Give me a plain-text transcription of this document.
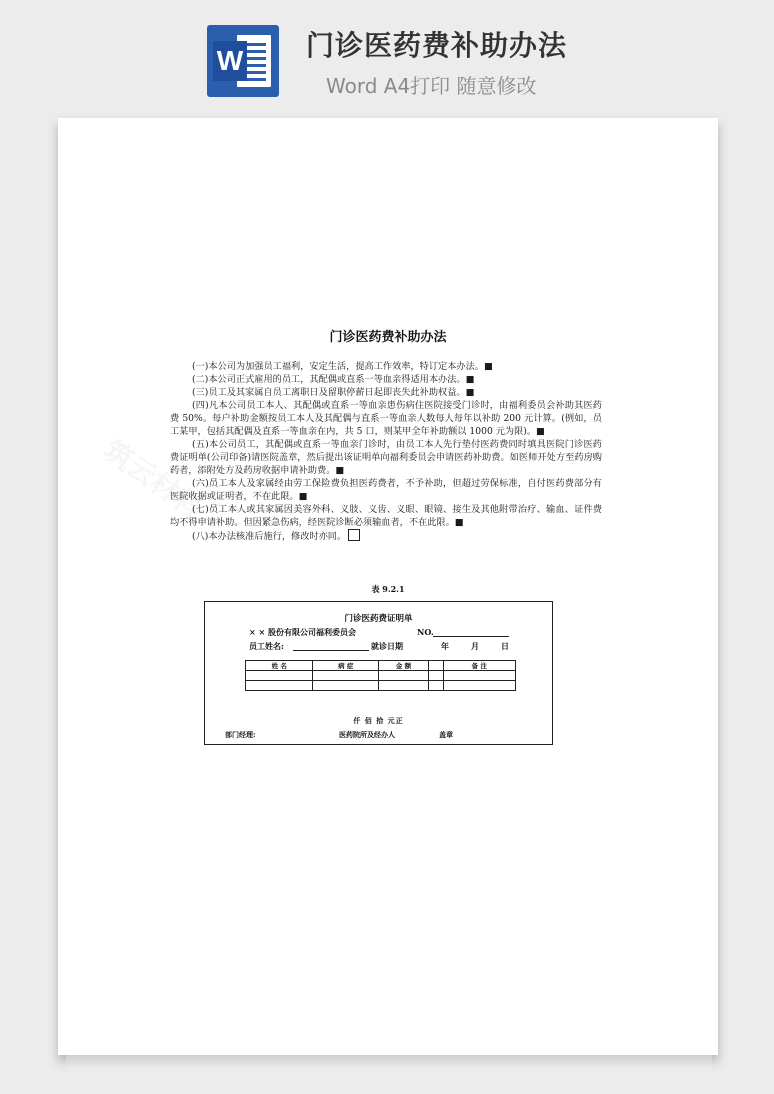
W 门诊医药费补助办法
Word A4打印 随意修改
筑云材料
门诊医药费补助办法

(一)本公司为加强员工福利，安定生活，提高工作效率，特订定本办法。■

(二)本公司正式雇用的员工，其配偶或直系一等血亲得适用本办法。■

(三)员工及其家属自员工离职日及留职停薪日起即丧失此补助权益。■

(四)凡本公司员工本人、其配偶或直系一等血亲患伤病住医院接受门诊时，由福利委员会补助其医药费 50%。每户补助金额按员工本人及其配偶与直系一等血亲人数每人每年以补助 200 元计算。(例如，员工某甲，包括其配偶及直系一等血亲在内，共 5 口，则某甲全年补助额以 1000 元为限)。■

(五)本公司员工，其配偶或直系一等血亲门诊时，由员工本人先行垫付医药费同时填具医院门诊医药费证明单(公司印备)请医院盖章，然后提出该证明单向福利委员会申请医药补助费。如医师开处方至药房购药者，添附处方及药房收据申请补助费。■

(六)员工本人及家属经由劳工保险费负担医药费者，不予补助，但超过劳保标准，自付医药费部分有医院收据或证明者，不在此限。■

(七)员工本人或其家属因美容外科、义肢、义齿、义眼、眼镜、接生及其他附带治疗、输血、证件费均不得申请补助。但因紧急伤病，经医院诊断必须输血者，不在此限。■

(八)本办法核准后施行，修改时亦同。

表 9.2.1
门诊医药费证明单
× × 股份有限公司福利委员会	NO.
员工姓名:	就诊日期	年	月	日
姓 名	病 症	金 额		备 注

仟 佰 拾 元正
部门经理:	医药院所及经办人	盖章
